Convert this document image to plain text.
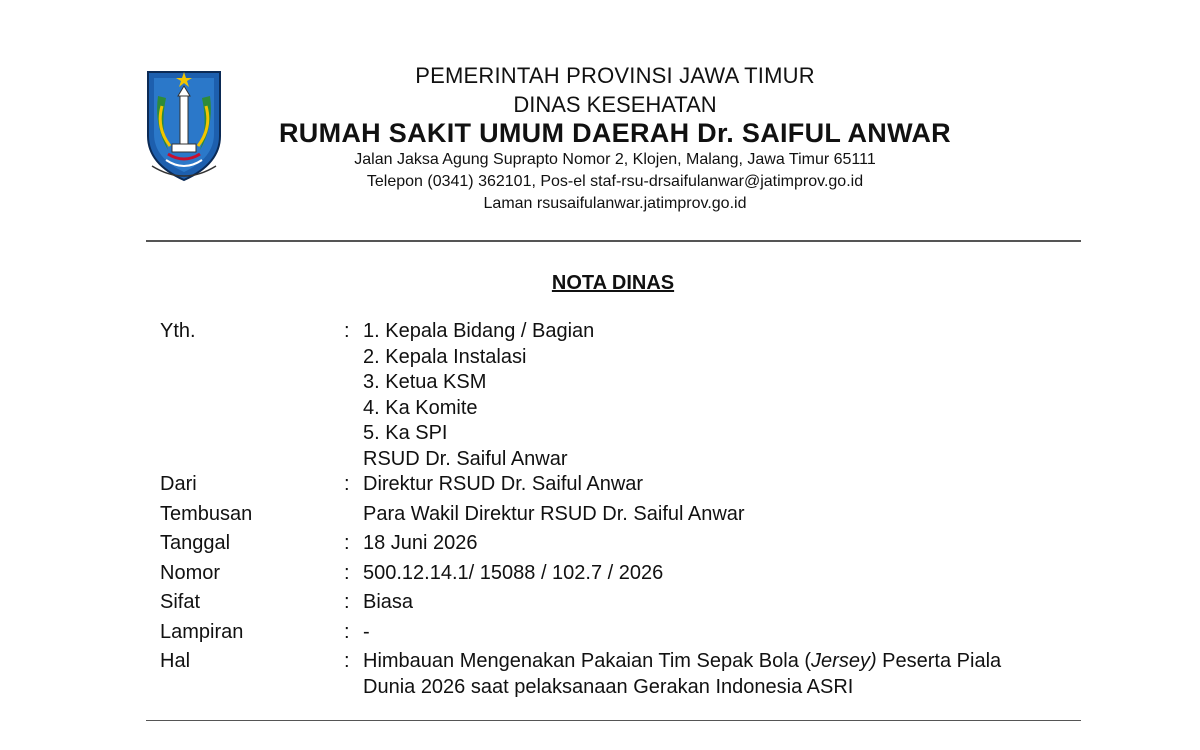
PEMERINTAH PROVINSI JAWA TIMUR
DINAS KESEHATAN
RUMAH SAKIT UMUM DAERAH Dr. SAIFUL ANWAR
Jalan Jaksa Agung Suprapto Nomor 2, Klojen, Malang, Jawa Timur 65111
Telepon (0341) 362101, Pos-el staf-rsu-drsaifulanwar@jatimprov.go.id
Laman rsusaifulanwar.jatimprov.go.id
NOTA DINAS
Yth.	: 1. Kepala Bidang / Bagian
2. Kepala Instalasi
3. Ketua KSM
4. Ka Komite
5. Ka SPI
RSUD Dr. Saiful Anwar
Dari	: Direktur RSUD Dr. Saiful Anwar
Tembusan	Para Wakil Direktur RSUD Dr. Saiful Anwar
Tanggal	: 18 Juni 2026
Nomor	: 500.12.14.1/ 15088 / 102.7 / 2026
Sifat	: Biasa
Lampiran	: -
Hal	: Himbauan Mengenakan Pakaian Tim Sepak Bola (Jersey) Peserta Piala
Dunia 2026 saat pelaksanaan Gerakan Indonesia ASRI
